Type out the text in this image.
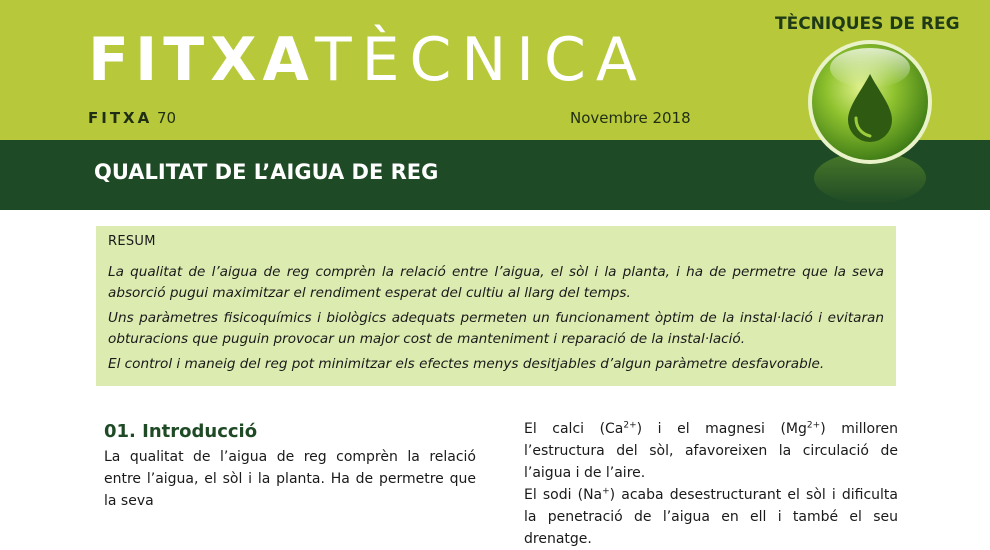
FITXATÈCNICA
FITXA 70	Novembre 2018
TÈCNIQUES DE REG
QUALITAT DE L’AIGUA DE REG
RESUM

La qualitat de l’aigua de reg comprèn la relació entre l’aigua, el sòl i la planta, i ha de permetre que la seva absorció pugui maximitzar el rendiment esperat del cultiu al llarg del temps.

Uns paràmetres fisicoquímics i biològics adequats permeten un funcionament òptim de la instal·lació i evitaran obturacions que puguin provocar un major cost de manteniment i reparació de la instal·lació.

El control i maneig del reg pot minimitzar els efectes menys desitjables d’algun paràmetre desfavorable.

01. Introducció

La qualitat de l’aigua de reg comprèn la relació entre l’aigua, el sòl i la planta. Ha de permetre que la seva

El calci $(Ca^{2+})$ i el magnesi $(Mg^{2+})$ milloren l’estructura del sòl, afavoreixen la circulació de l’aigua i de l’aire.

El sodi (Na+) acaba desestructurant el sòl i dificulta la penetració de l’aigua en ell i també el seu drenatge.
